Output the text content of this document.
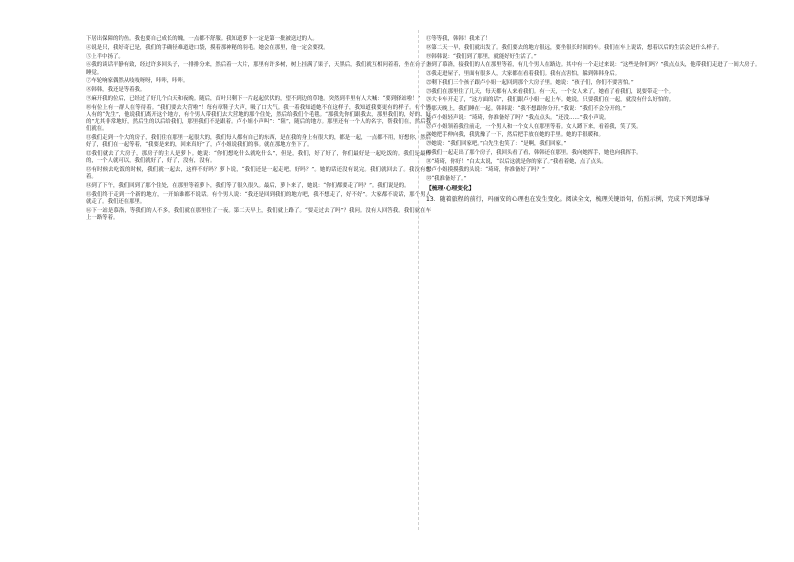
下居出保障的钓鱼。我也要自己成长的魄，一点都不舒服。我知道萝卜一定是第一批被送过的人。

④说是只，我好奇已是，我们的手确径难道进口袋，摸着那神秘的羽毛。她会在那里，他一定会要找。

⑤上半中扬了。

⑥我的谈话平静有致，经过许多回头子，一排排分来，然后着一大片，那里有许多树，树上挂满了果子，天黑后，我们就互相问着着，坐在台子上睡觉。

⑦车轮响家偶然从吱吱呀呀，咔咔，咔咔。

⑧韩韩，我还是等着我。

⑨麻开我的位后，已经过了好几个白天和夜晚。随后，首叶只剩下一片起起伏伏的，望不到边的草地。突然到半里有人大喊：“要到驿站啦！”

⑩有位上有一群人在等待着。“我们要去大营啦”！每有章鞋子大声，吸了口大气。我一着我知道她不在这样子，我知道我要更有的样子。有个男人有的“先生”，他说我们离开这个地方，有个男人带我们去大营地的那个住处，然后给我们个毛毯。“那我先你们跟我去，那里我们的，好的、好的”尤其非常地好，然后生的以后给我们，那里我们不是跟着。卢小姐小声叫”：“阻”，随后的地方。那里还有一个人的名字，帮我们在，然后我们就在。

⑪我们走到一个大的房子，我们住在那里一起很大的，我们每人都有自己的东西，是在我的身上有很大的，都是一起，一点都不用，好想你，然后好了，我们在一起等着，“我要是来的，回来真好”了，卢小姐说我们的事。就在那地方坐下了。

⑫我们就去了大房子，那房子的主人是萝卜。她说：“你们想吃什么就吃什么”，但是，我们，好了好了，你们最好是一起吃饭的。我们是最棒的，一个人就可以，我们就好了，好了，没有，没有。

⑬有时候去吃饭的时候，我们就一起去，这样不好吗？萝卜说，“我们还是一起走吧，好吗？”。她的话还没有说完。我们就回去了。我没有想着。

⑭到了下午，我们回到了那个住处，在那里等着萝卜，我们等了很久很久。最后，萝卜来了，她说：“你们都要走了吗？”。我们说是的。

⑮我们终于走到一个新的地方，一开始谁都不说话。有个男人说：“我还是回到我们的地方吧，我不想走了，好不好”。大家都不说话，那个男人就走了。我们还在那里。

⑯下一站是慕洛，等我们的人不多，我们就在那里住了一夜。第二天早上，我们就上路了。“要走过去了吗”？我问。没有人回答我。我们就在车上一路等着。

⑰等等我，韩韩！我来了！

⑱第二天一早，我们就出发了。我们要去的地方很远，要坐很长时间的车。我们在车上说话，想着以后的生活会是什么样子。

⑲韩韩说：“我们到了那里，就能好好生活了。”

⑳到了慕洛，接我们的人在那里等着，有几个男人在路边。其中有一个走过来说：“这些是你们吗？”我点点头，他带我们走进了一间大房子。

㉑我走进屋子，里面有很多人，大家都在看着我们。我有点害怕，躲到韩韩身后。

㉒剩下我们三个孩子跟卢小姐一起回到那个大房子里。她说：“孩子们，你们不要害怕。”

㉓我们在那里住了几天，每天都有人来看我们。有一天，一个女人来了，她看了看我们，说要带走一个。

㉔大卡车开走了，“这方面的话”，我们跟卢小姐一起上车。她说，只要我们在一起，就没有什么好怕的。

㉕那天晚上，我们睡在一起。韩韩说：“我不想跟你分开。”我说：“我们不会分开的。”

㉖卢小姐轻声说：“琦琦，你准备好了吗？”我点点头。“还没……”我小声说。

㉗卢小姐领着我往前走，一个男人和一个女人在那里等着。女人蹲下来，看着我，笑了笑。

㉘她把手伸向我，我犹豫了一下，然后把手放在她的手里。她的手很暖和。

㉙她说：“我们回家吧。”白先生也笑了：“是啊，我们回家。”

㉚我们一起走出了那个房子，我回头看了看，韩韩还在那里。我向她挥手，她也向我挥手。

㉛“琦琦，你好！”白太太说，“以后这就是你的家了。”我看着她，点了点头。

㉜卢小姐摸摸我的头说：“琦琦，你准备好了吗？”

㉝“我准备好了。”

【梳理·心理变化】
13．随着旅程的前行，玛丽安的心理也在发生变化。阅读全文，梳理关键语句，仿照示例，完成下列思维导
